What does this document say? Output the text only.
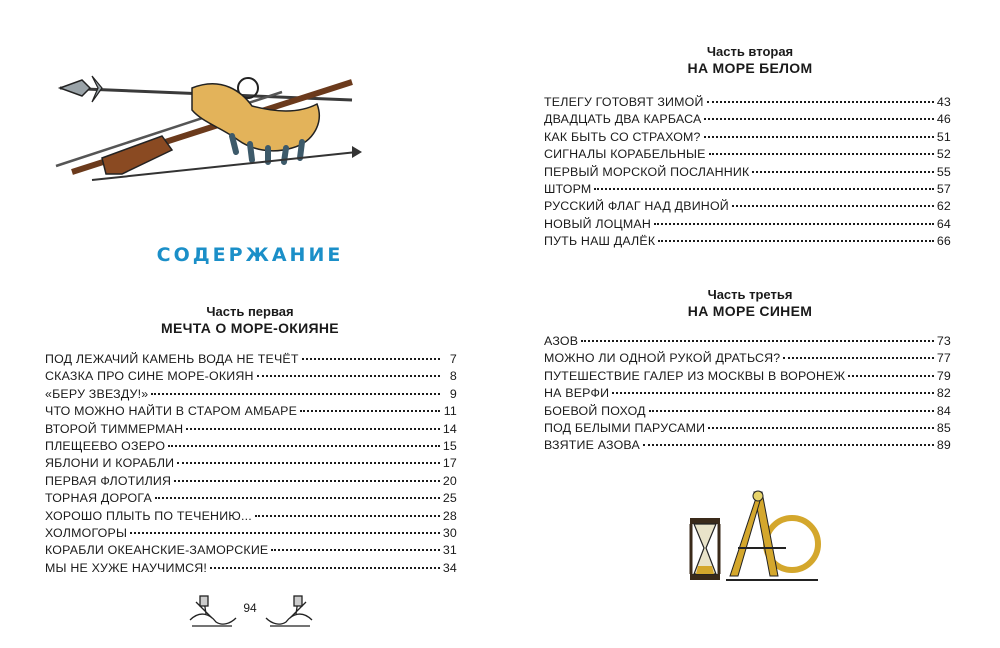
СОДЕРЖАНИЕ
Часть первая
МЕЧТА О МОРЕ-ОКИЯНЕ
ПОД ЛЕЖАЧИЙ КАМЕНЬ ВОДА НЕ ТЕЧЁТ	7
СКАЗКА ПРО СИНЕ МОРЕ-ОКИЯН	8
«БЕРУ ЗВЕЗДУ!»	9
ЧТО МОЖНО НАЙТИ В СТАРОМ АМБАРЕ	11
ВТОРОЙ ТИММЕРМАН	14
ПЛЕЩЕЕВО ОЗЕРО	15
ЯБЛОНИ И КОРАБЛИ	17
ПЕРВАЯ ФЛОТИЛИЯ	20
ТОРНАЯ ДОРОГА	25
ХОРОШО ПЛЫТЬ ПО ТЕЧЕНИЮ...	28
ХОЛМОГОРЫ	30
КОРАБЛИ ОКЕАНСКИЕ-ЗАМОРСКИЕ	31
МЫ НЕ ХУЖЕ НАУЧИМСЯ!	34
94
Часть вторая
НА МОРЕ БЕЛОМ
ТЕЛЕГУ ГОТОВЯТ ЗИМОЙ	43
ДВАДЦАТЬ ДВА КАРБАСА	46
КАК БЫТЬ СО СТРАХОМ?	51
СИГНАЛЫ КОРАБЕЛЬНЫЕ	52
ПЕРВЫЙ МОРСКОЙ ПОСЛАННИК	55
ШТОРМ	57
РУССКИЙ ФЛАГ НАД ДВИНОЙ	62
НОВЫЙ ЛОЦМАН	64
ПУТЬ НАШ ДАЛЁК	66
Часть третья
НА МОРЕ СИНЕМ
АЗОВ	73
МОЖНО ЛИ ОДНОЙ РУКОЙ ДРАТЬСЯ?	77
ПУТЕШЕСТВИЕ ГАЛЕР ИЗ МОСКВЫ В ВОРОНЕЖ	79
НА ВЕРФИ	82
БОЕВОЙ ПОХОД	84
ПОД БЕЛЫМИ ПАРУСАМИ	85
ВЗЯТИЕ АЗОВА	89
